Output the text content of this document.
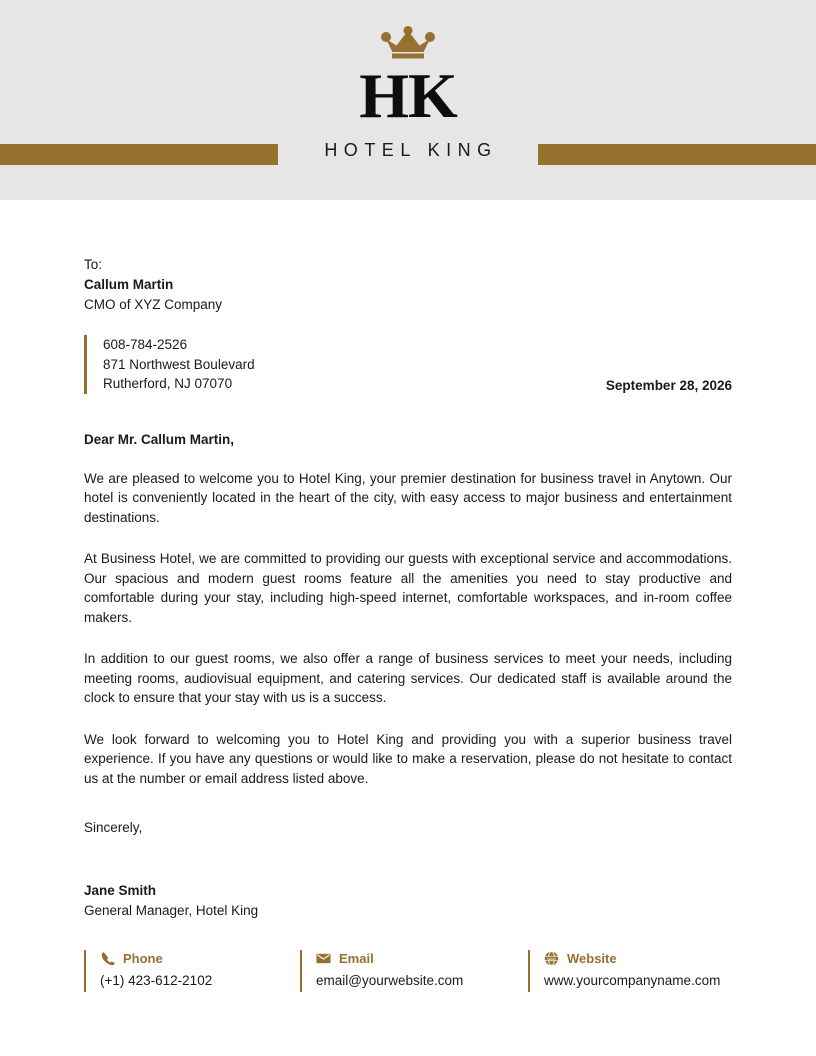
HK
HOTEL KING
To:
Callum Martin
CMO of XYZ Company
608-784-2526
871 Northwest Boulevard
Rutherford, NJ 07070	September 28, 2026
Dear Mr. Callum Martin,

We are pleased to welcome you to Hotel King, your premier destination for business travel in Anytown. Our hotel is conveniently located in the heart of the city, with easy access to major business and entertainment destinations.

At Business Hotel, we are committed to providing our guests with exceptional service and accommodations. Our spacious and modern guest rooms feature all the amenities you need to stay productive and comfortable during your stay, including high-speed internet, comfortable workspaces, and in-room coffee makers.

In addition to our guest rooms, we also offer a range of business services to meet your needs, including meeting rooms, audiovisual equipment, and catering services. Our dedicated staff is available around the clock to ensure that your stay with us is a success.

We look forward to welcoming you to Hotel King and providing you with a superior business travel experience. If you have any questions or would like to make a reservation, please do not hesitate to contact us at the number or email address listed above.

Sincerely,
Jane Smith
General Manager, Hotel King
Phone
(+1) 423-612-2102
Email
email@yourwebsite.com
www Website
www.yourcompanyname.com
